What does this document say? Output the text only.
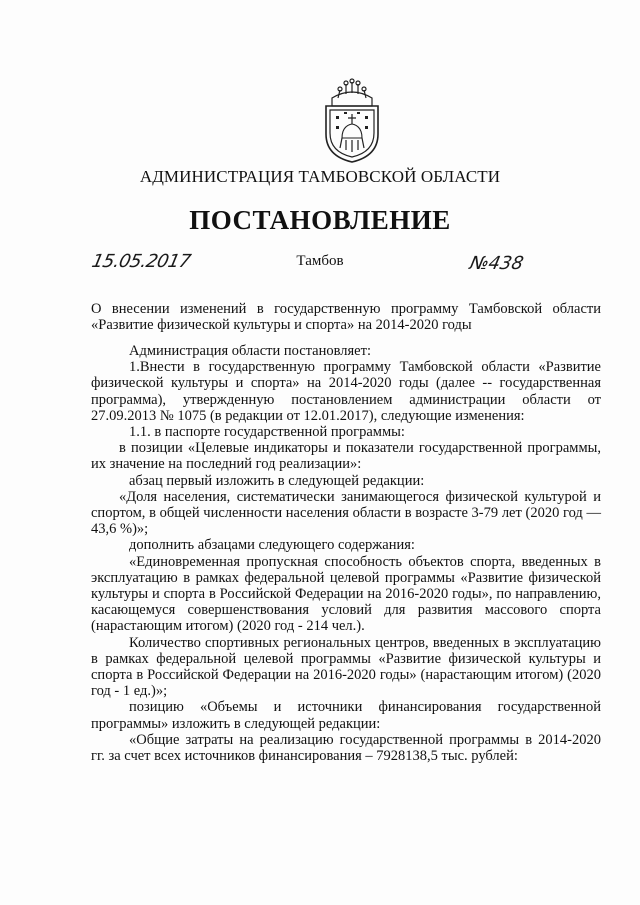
АДМИНИСТРАЦИЯ ТАМБОВСКОЙ ОБЛАСТИ
ПОСТАНОВЛЕНИЕ
15.05.2017	Тамбов	№438
О внесении изменений в государственную программу Тамбовской области «Развитие физической культуры и спорта» на 2014-2020 годы

Администрация области постановляет:

1.Внести в государственную программу Тамбовской области «Развитие физической культуры и спорта» на 2014-2020 годы (далее -- государственная программа), утвержденную постановлением администрации области от 27.09.2013 № 1075 (в редакции от 12.01.2017), следующие изменения:

1.1. в паспорте государственной программы:

в позиции «Целевые индикаторы и показатели государственной программы, их значение на последний год реализации»:

абзац первый изложить в следующей редакции:

«Доля населения, систематически занимающегося физической культурой и спортом, в общей численности населения области в возрасте 3-79 лет (2020 год — 43,6 %)»;

дополнить абзацами следующего содержания:

«Единовременная пропускная способность объектов спорта, введенных в эксплуатацию в рамках федеральной целевой программы «Развитие физической культуры и спорта в Российской Федерации на 2016-2020 годы», по направлению, касающемуся совершенствования условий для развития массового спорта (нарастающим итогом) (2020 год - 214 чел.).

Количество спортивных региональных центров, введенных в эксплуатацию в рамках федеральной целевой программы «Развитие физической культуры и спорта в Российской Федерации на 2016-2020 годы» (нарастающим итогом) (2020 год - 1 ед.)»;

позицию «Объемы и источники финансирования государственной программы» изложить в следующей редакции:

«Общие затраты на реализацию государственной программы в 2014-2020 гг. за счет всех источников финансирования – 7928138,5 тыс. рублей:
